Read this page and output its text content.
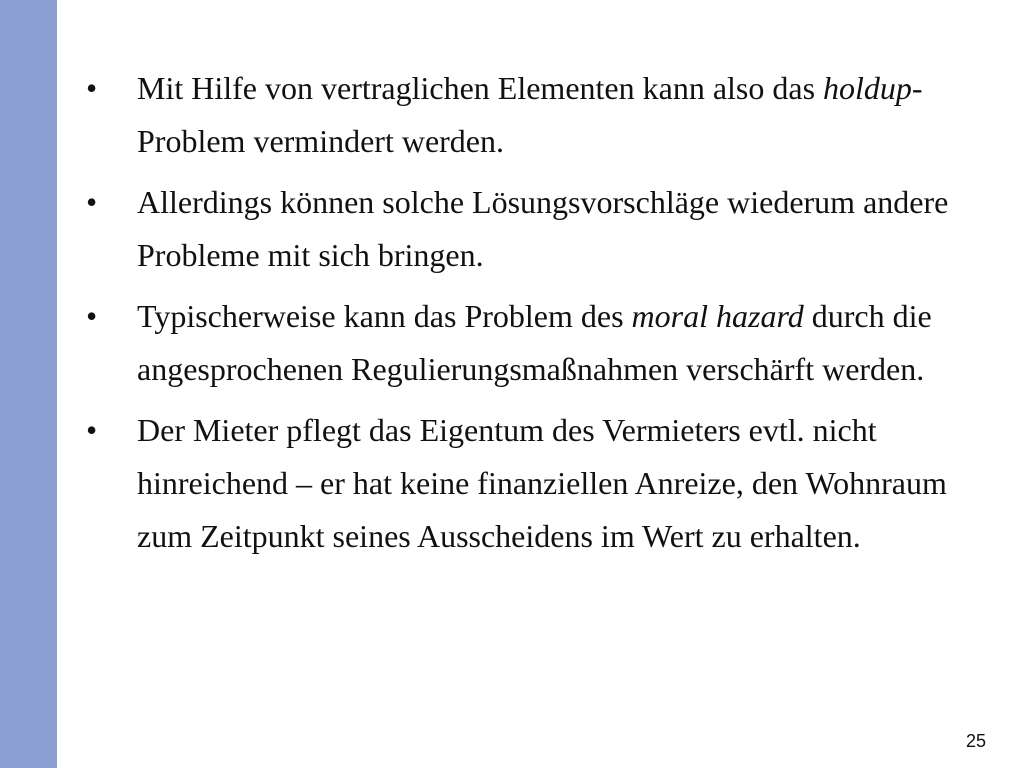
• Mit Hilfe von vertraglichen Elementen kann also das holdup-Problem vermindert werden.
• Allerdings können solche Lösungsvorschläge wiederum andere Probleme mit sich bringen.
• Typischerweise kann das Problem des moral hazard durch die angesprochenen Regulierungsmaßnahmen verschärft werden.
• Der Mieter pflegt das Eigentum des Vermieters evtl. nicht hinreichend – er hat keine finanziellen Anreize, den Wohnraum zum Zeitpunkt seines Ausscheidens im Wert zu erhalten.
25
